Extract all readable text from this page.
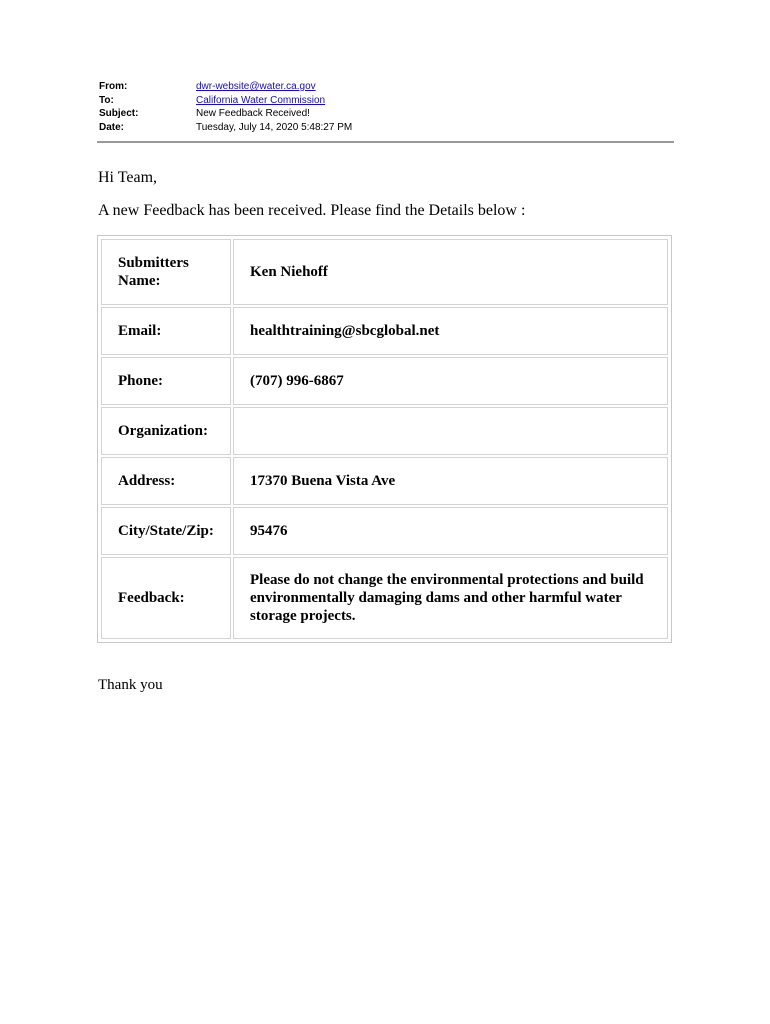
From:	dwr-website@water.ca.gov
To:	California Water Commission
Subject:	New Feedback Received!
Date:	Tuesday, July 14, 2020 5:48:27 PM
Hi Team,
A new Feedback has been received. Please find the Details below :
Submitters Name:	Ken Niehoff
Email:	healthtraining@sbcglobal.net
Phone:	(707) 996-6867
Organization:	
Address:	17370 Buena Vista Ave
City/State/Zip:	95476
Feedback:	Please do not change the environmental protections and build environmentally damaging dams and other harmful water storage projects.
Thank you
